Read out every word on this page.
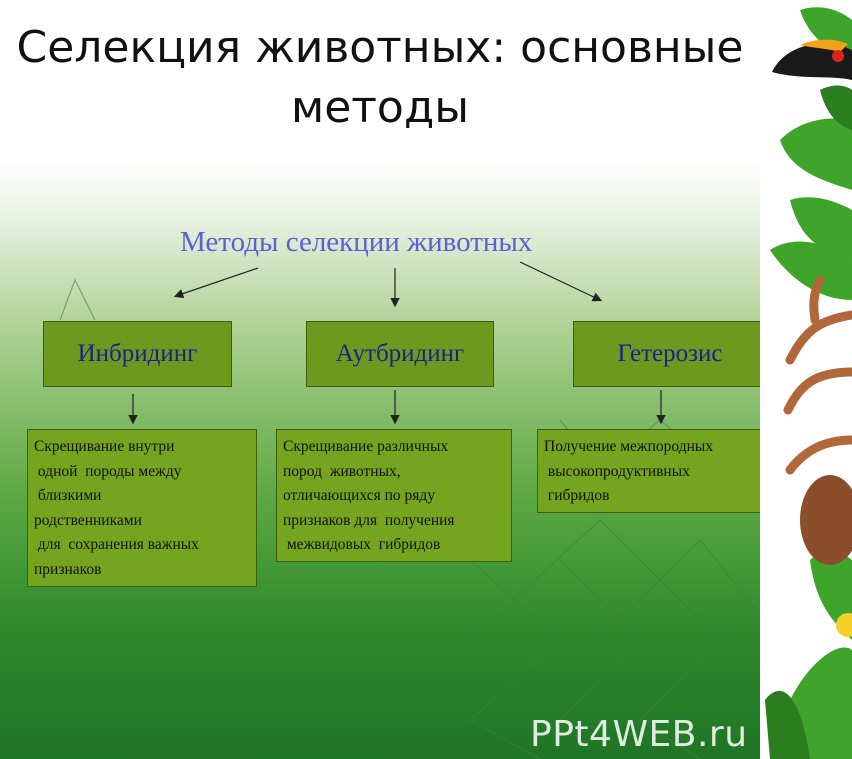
Селекция животных: основные методы
Методы селекции животных
Инбридинг	Аутбридинг	Гетерозис
Скрещивание внутри
одной  породы между
близкими
родственниками
для  сохранения важных
признаков
Скрещивание различных
пород  животных,
отличающихся по ряду
признаков для  получения
межвидовых  гибридов
Получение межпородных
высокопродуктивных
гибридов
PPt4WEB.ru
